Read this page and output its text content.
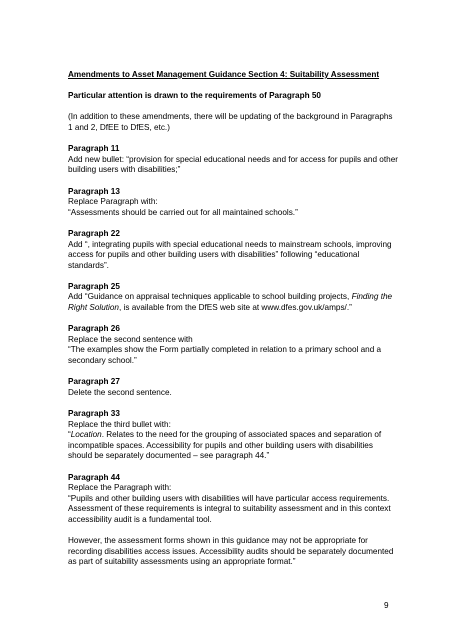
Amendments to Asset Management Guidance Section 4: Suitability Assessment
Particular attention is drawn to the requirements of Paragraph 50
(In addition to these amendments, there will be updating of the background in Paragraphs 1 and 2, DfEE to DfES, etc.)
Paragraph 11
Add new bullet: “provision for special educational needs and for access for pupils and other building users with disabilities;”
Paragraph 13
Replace Paragraph with:
“Assessments should be carried out for all maintained schools.”
Paragraph 22
Add “, integrating pupils with special educational needs to mainstream schools, improving access for pupils and other building users with disabilities” following “educational standards”.
Paragraph 25
Add “Guidance on appraisal techniques applicable to school building projects, Finding the Right Solution, is available from the DfES web site at www.dfes.gov.uk/amps/.”
Paragraph 26
Replace the second sentence with
“The examples show the Form partially completed in relation to a primary school and a secondary school.”
Paragraph 27
Delete the second sentence.
Paragraph 33
Replace the third bullet with:
“Location. Relates to the need for the grouping of associated spaces and separation of incompatible spaces. Accessibility for pupils and other building users with disabilities should be separately documented – see paragraph 44.”
Paragraph 44
Replace the Paragraph with:
“Pupils and other building users with disabilities will have particular access requirements. Assessment of these requirements is integral to suitability assessment and in this context accessibility audit is a fundamental tool.
However, the assessment forms shown in this guidance may not be appropriate for recording disabilities access issues. Accessibility audits should be separately documented as part of suitability assessments using an appropriate format.”
9
